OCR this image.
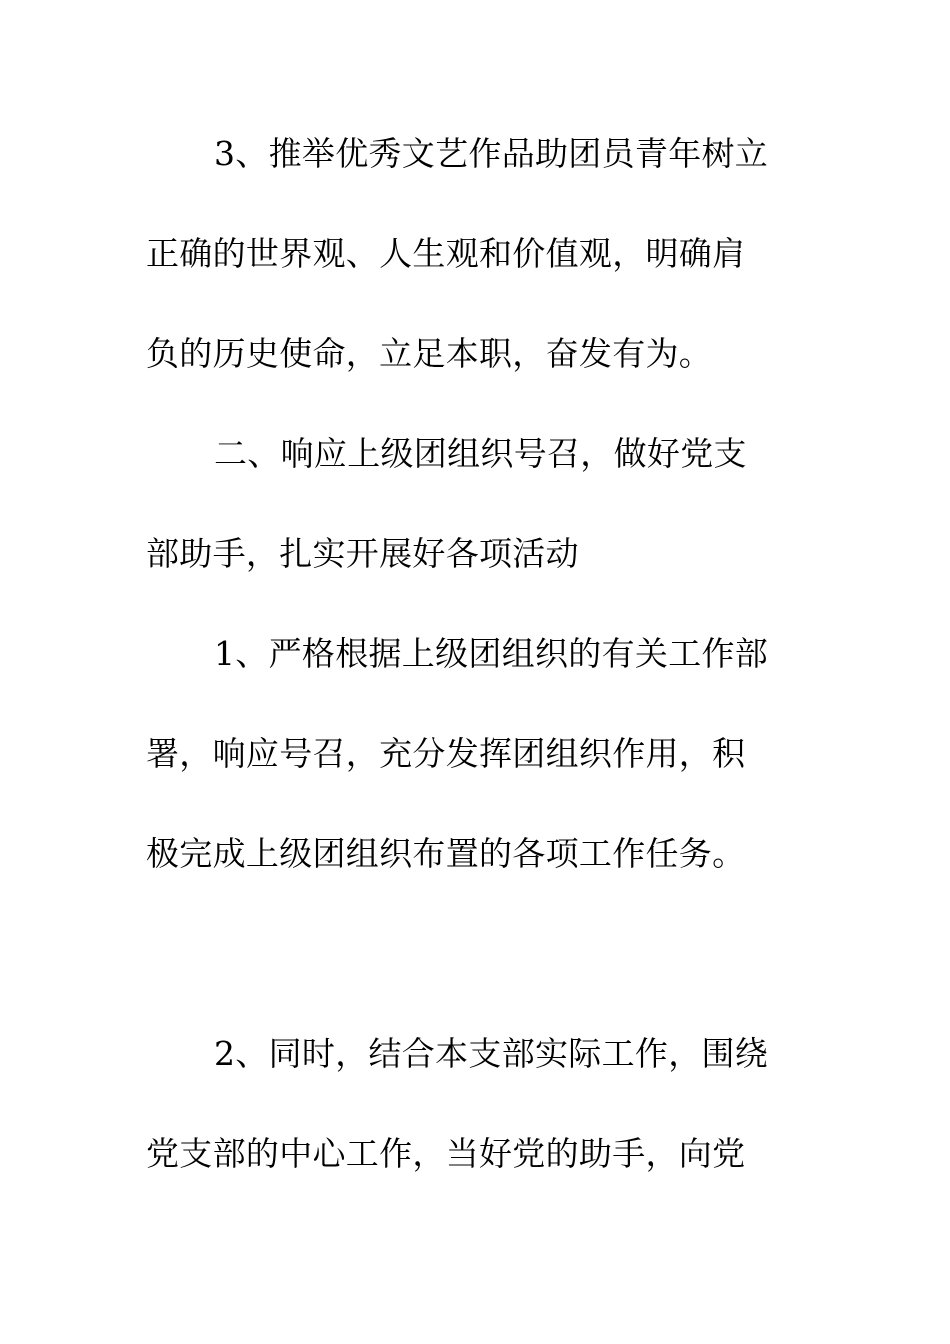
3、推举优秀文艺作品助团员青年树立
正确的世界观、人生观和价值观，明确肩
负的历史使命，立足本职，奋发有为。
二、响应上级团组织号召，做好党支
部助手，扎实开展好各项活动
1、严格根据上级团组织的有关工作部
署，响应号召，充分发挥团组织作用，积
极完成上级团组织布置的各项工作任务。
2、同时，结合本支部实际工作，围绕
党支部的中心工作，当好党的助手，向党
